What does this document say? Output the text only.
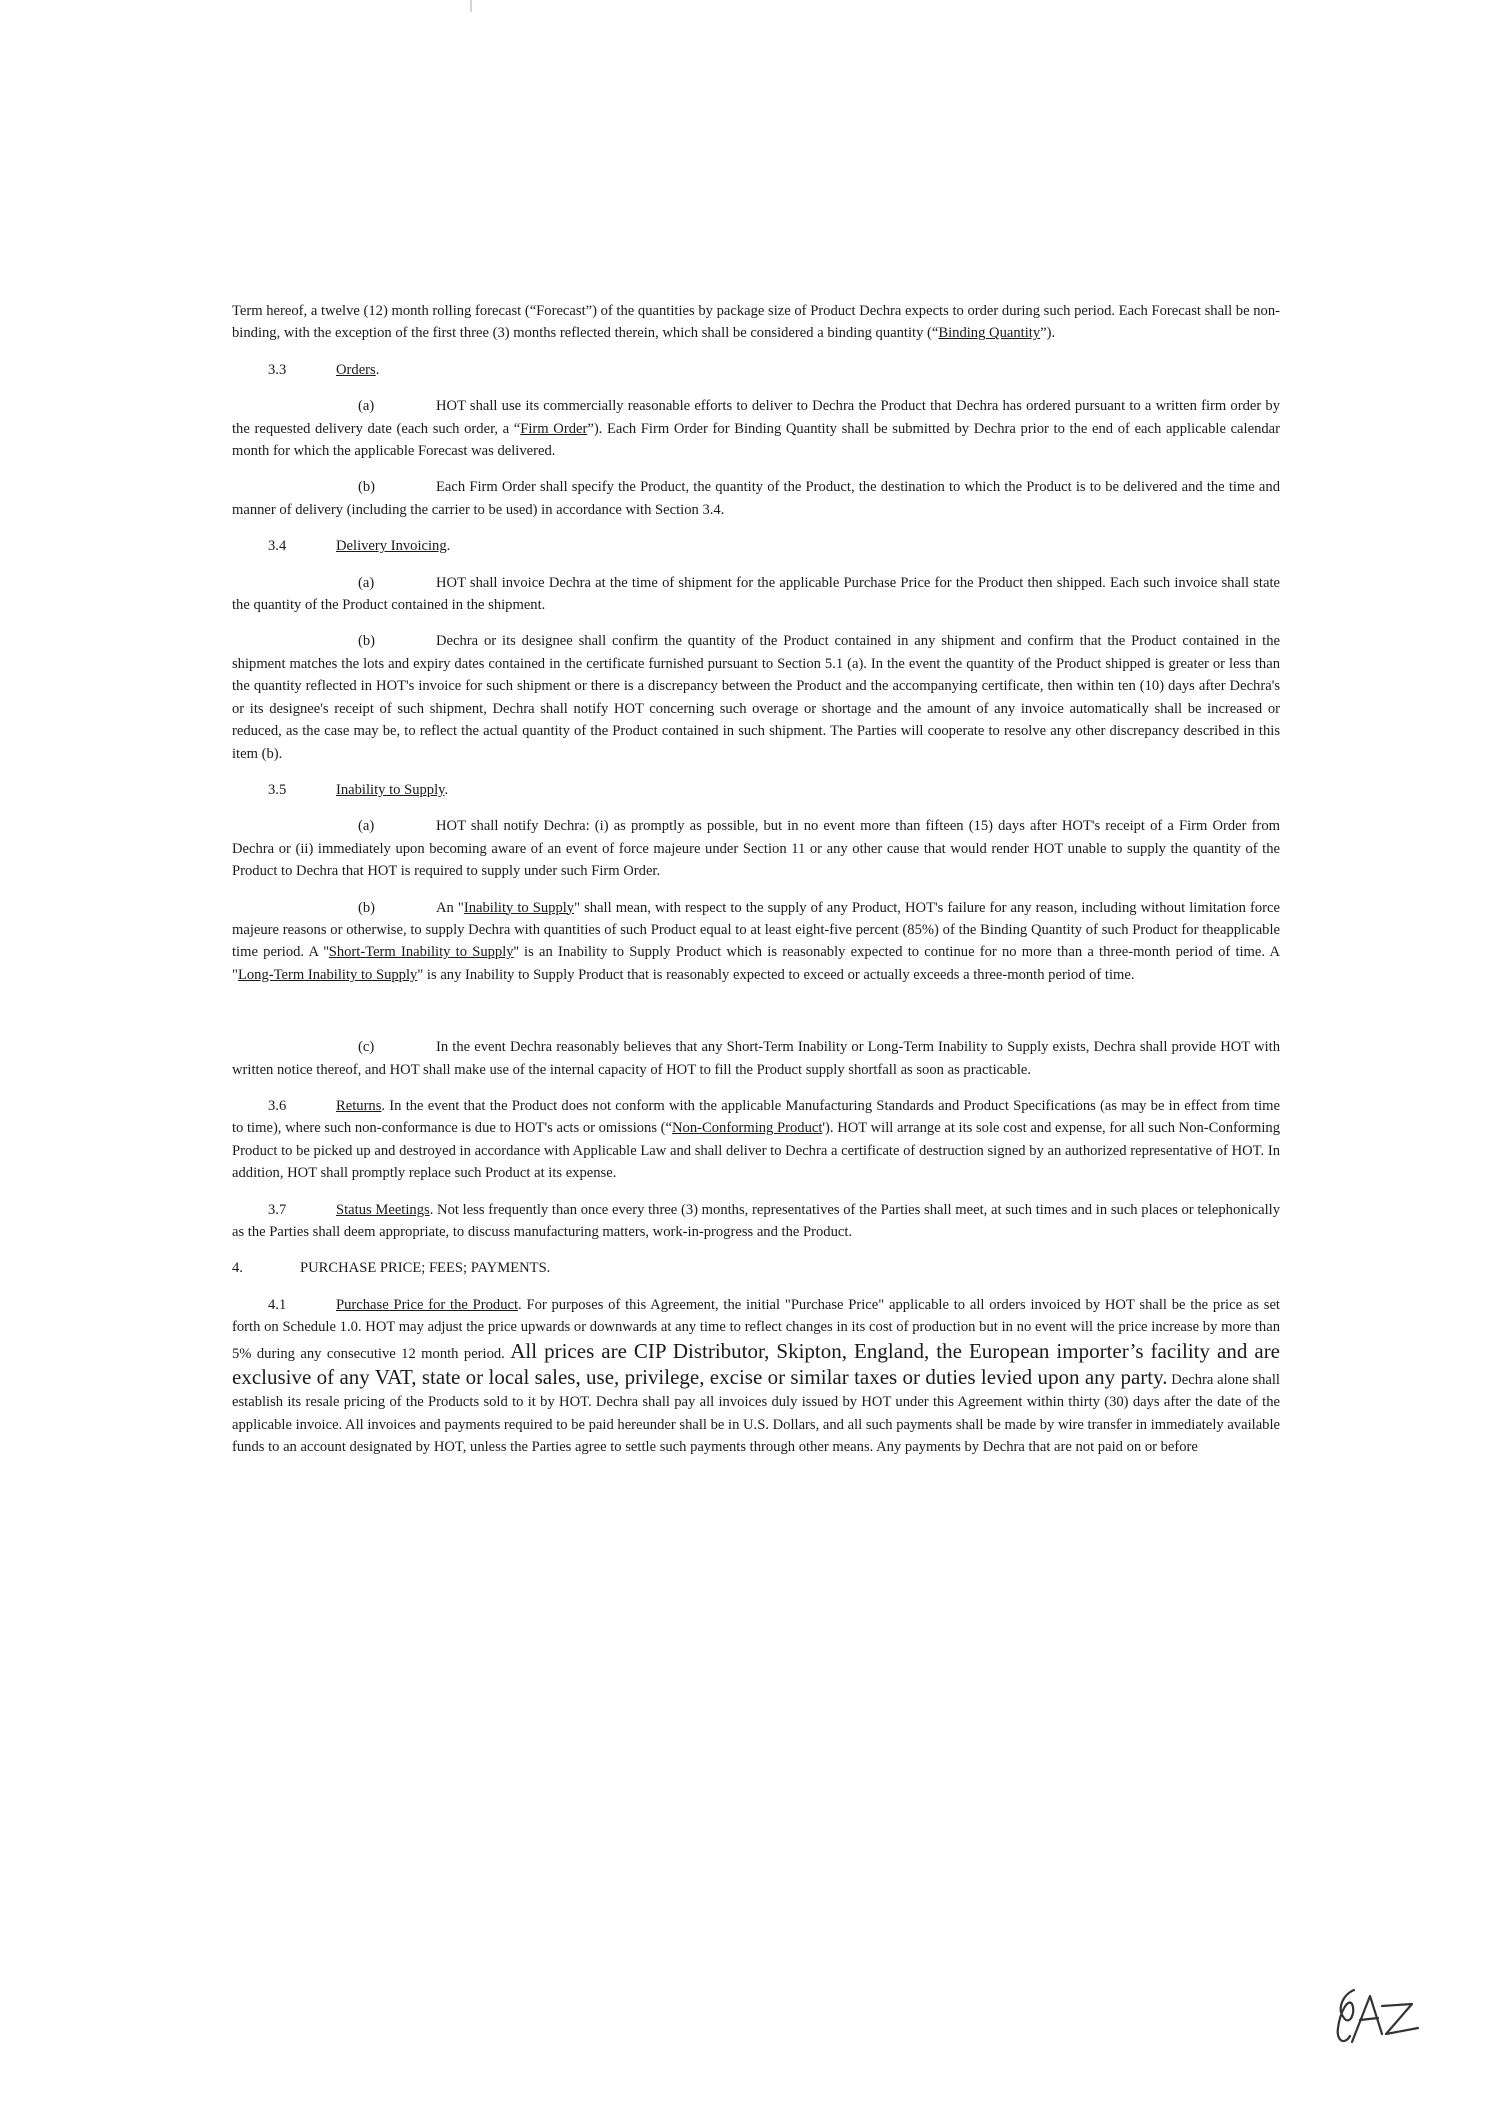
Term hereof, a twelve (12) month rolling forecast (“Forecast”) of the quantities by package size of Product Dechra expects to order during such period. Each Forecast shall be non-binding, with the exception of the first three (3) months reflected therein, which shall be considered a binding quantity (“Binding Quantity”).

3.3	Orders.

(a)	HOT shall use its commercially reasonable efforts to deliver to Dechra the Product that Dechra has ordered pursuant to a written firm order by the requested delivery date (each such order, a “Firm Order”). Each Firm Order for Binding Quantity shall be submitted by Dechra prior to the end of each applicable calendar month for which the applicable Forecast was delivered.

(b)	Each Firm Order shall specify the Product, the quantity of the Product, the destination to which the Product is to be delivered and the time and manner of delivery (including the carrier to be used) in accordance with Section 3.4.

3.4	Delivery Invoicing.

(a)	HOT shall invoice Dechra at the time of shipment for the applicable Purchase Price for the Product then shipped. Each such invoice shall state the quantity of the Product contained in the shipment.

(b)	Dechra or its designee shall confirm the quantity of the Product contained in any shipment and confirm that the Product contained in the shipment matches the lots and expiry dates contained in the certificate furnished pursuant to Section 5.1 (a). In the event the quantity of the Product shipped is greater or less than the quantity reflected in HOT's invoice for such shipment or there is a discrepancy between the Product and the accompanying certificate, then within ten (10) days after Dechra's or its designee's receipt of such shipment, Dechra shall notify HOT concerning such overage or shortage and the amount of any invoice automatically shall be increased or reduced, as the case may be, to reflect the actual quantity of the Product contained in such shipment. The Parties will cooperate to resolve any other discrepancy described in this item (b).

3.5	Inability to Supply.

(a)	HOT shall notify Dechra: (i) as promptly as possible, but in no event more than fifteen (15) days after HOT's receipt of a Firm Order from Dechra or (ii) immediately upon becoming aware of an event of force majeure under Section 11 or any other cause that would render HOT unable to supply the quantity of the Product to Dechra that HOT is required to supply under such Firm Order.

(b)	An "Inability to Supply" shall mean, with respect to the supply of any Product, HOT's failure for any reason, including without limitation force majeure reasons or otherwise, to supply Dechra with quantities of such Product equal to at least eight-five percent (85%) of the Binding Quantity of such Product for theapplicable time period. A ''Short-Term Inability to Supply'' is an Inability to Supply Product which is reasonably expected to continue for no more than a three-month period of time. A "Long-Term Inability to Supply" is any Inability to Supply Product that is reasonably expected to exceed or actually exceeds a three-month period of time.

(c)	In the event Dechra reasonably believes that any Short-Term Inability or Long-Term Inability to Supply exists, Dechra shall provide HOT with written notice thereof, and HOT shall make use of the internal capacity of HOT to fill the Product supply shortfall as soon as practicable.

3.6	Returns. In the event that the Product does not conform with the applicable Manufacturing Standards and Product Specifications (as may be in effect from time to time), where such non-conformance is due to HOT's acts or omissions (“Non-Conforming Product'). HOT will arrange at its sole cost and expense, for all such Non-Conforming Product to be picked up and destroyed in accordance with Applicable Law and shall deliver to Dechra a certificate of destruction signed by an authorized representative of HOT. In addition, HOT shall promptly replace such Product at its expense.

3.7	Status Meetings. Not less frequently than once every three (3) months, representatives of the Parties shall meet, at such times and in such places or telephonically as the Parties shall deem appropriate, to discuss manufacturing matters, work-in-progress and the Product.

4.	PURCHASE PRICE; FEES; PAYMENTS.

4.1	Purchase Price for the Product. For purposes of this Agreement, the initial "Purchase Price" applicable to all orders invoiced by HOT shall be the price as set forth on Schedule 1.0. HOT may adjust the price upwards or downwards at any time to reflect changes in its cost of production but in no event will the price increase by more than 5% during any consecutive 12 month period. All prices are CIP Distributor, Skipton, England, the European importer’s facility and are exclusive of any VAT, state or local sales, use, privilege, excise or similar taxes or duties levied upon any party. Dechra alone shall establish its resale pricing of the Products sold to it by HOT. Dechra shall pay all invoices duly issued by HOT under this Agreement within thirty (30) days after the date of the applicable invoice. All invoices and payments required to be paid hereunder shall be in U.S. Dollars, and all such payments shall be made by wire transfer in immediately available funds to an account designated by HOT, unless the Parties agree to settle such payments through other means. Any payments by Dechra that are not paid on or before
